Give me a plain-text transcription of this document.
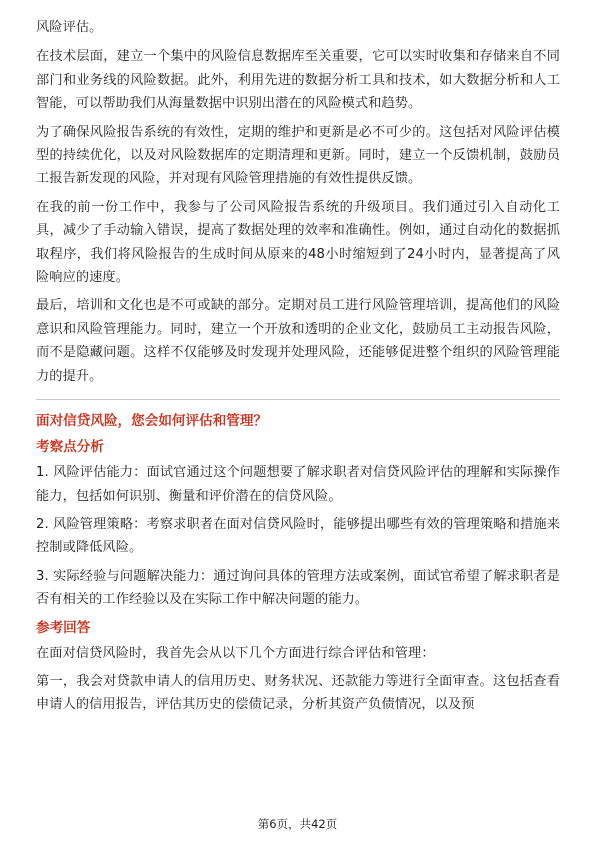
风险评估。

在技术层面，建立一个集中的风险信息数据库至关重要，它可以实时收集和存储来自不同部门和业务线的风险数据。此外，利用先进的数据分析工具和技术，如大数据分析和人工智能，可以帮助我们从海量数据中识别出潜在的风险模式和趋势。

为了确保风险报告系统的有效性，定期的维护和更新是必不可少的。这包括对风险评估模型的持续优化，以及对风险数据库的定期清理和更新。同时，建立一个反馈机制，鼓励员工报告新发现的风险，并对现有风险管理措施的有效性提供反馈。

在我的前一份工作中，我参与了公司风险报告系统的升级项目。我们通过引入自动化工具，减少了手动输入错误，提高了数据处理的效率和准确性。例如，通过自动化的数据抓取程序，我们将风险报告的生成时间从原来的48小时缩短到了24小时内，显著提高了风险响应的速度。

最后，培训和文化也是不可或缺的部分。定期对员工进行风险管理培训，提高他们的风险意识和风险管理能力。同时，建立一个开放和透明的企业文化，鼓励员工主动报告风险，而不是隐藏问题。这样不仅能够及时发现并处理风险，还能够促进整个组织的风险管理能力的提升。

面对信贷风险，您会如何评估和管理？
考察点分析

1. 风险评估能力：面试官通过这个问题想要了解求职者对信贷风险评估的理解和实际操作能力，包括如何识别、衡量和评价潜在的信贷风险。

2. 风险管理策略：考察求职者在面对信贷风险时，能够提出哪些有效的管理策略和措施来控制或降低风险。

3. 实际经验与问题解决能力：通过询问具体的管理方法或案例，面试官希望了解求职者是否有相关的工作经验以及在实际工作中解决问题的能力。

参考回答

在面对信贷风险时，我首先会从以下几个方面进行综合评估和管理：

第一，我会对贷款申请人的信用历史、财务状况、还款能力等进行全面审查。这包括查看申请人的信用报告，评估其历史的偿债记录，分析其资产负债情况，以及预

第6页，共42页
